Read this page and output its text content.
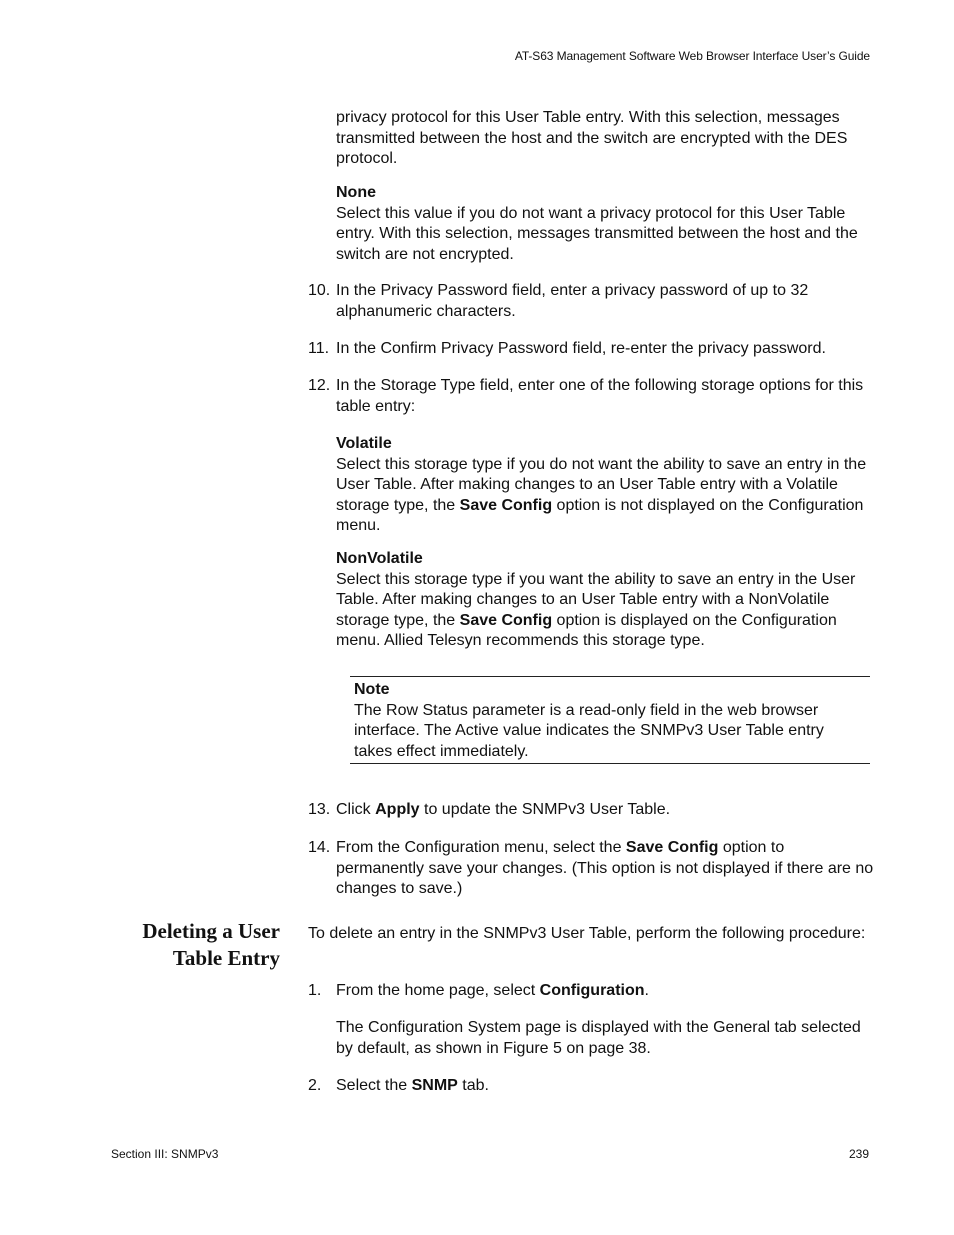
AT-S63 Management Software Web Browser Interface User’s Guide
privacy protocol for this User Table entry. With this selection, messages transmitted between the host and the switch are encrypted with the DES protocol.
None
Select this value if you do not want a privacy protocol for this User Table entry. With this selection, messages transmitted between the host and the switch are not encrypted.
10. In the Privacy Password field, enter a privacy password of up to 32 alphanumeric characters.
11. In the Confirm Privacy Password field, re-enter the privacy password.
12. In the Storage Type field, enter one of the following storage options for this table entry:
Volatile
Select this storage type if you do not want the ability to save an entry in the User Table. After making changes to an User Table entry with a Volatile storage type, the Save Config option is not displayed on the Configuration menu.
NonVolatile
Select this storage type if you want the ability to save an entry in the User Table. After making changes to an User Table entry with a NonVolatile storage type, the Save Config option is displayed on the Configuration menu. Allied Telesyn recommends this storage type.
Note
The Row Status parameter is a read-only field in the web browser interface. The Active value indicates the SNMPv3 User Table entry takes effect immediately.
13. Click Apply to update the SNMPv3 User Table.
14. From the Configuration menu, select the Save Config option to permanently save your changes. (This option is not displayed if there are no changes to save.)
Deleting a User
Table Entry
To delete an entry in the SNMPv3 User Table, perform the following procedure:
1. From the home page, select Configuration.
The Configuration System page is displayed with the General tab selected by default, as shown in Figure 5 on page 38.
2. Select the SNMP tab.
Section III: SNMPv3	239
